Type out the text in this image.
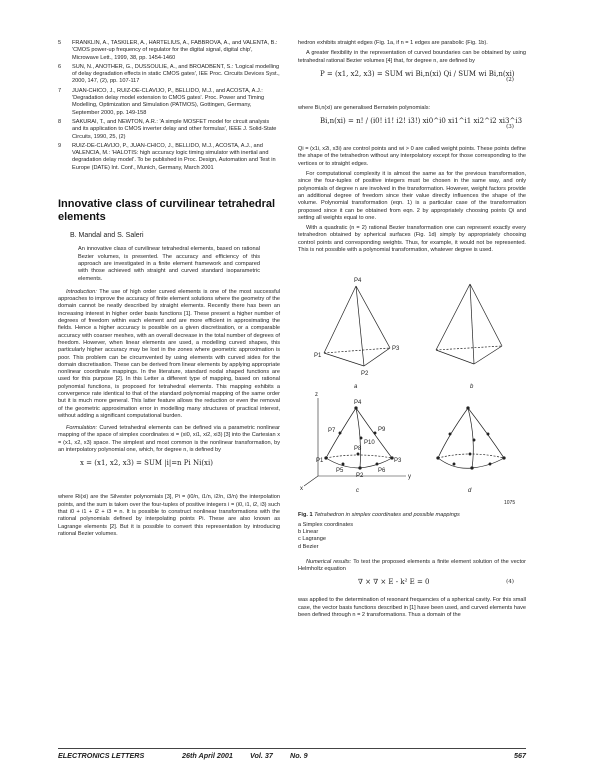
5 FRANKLIN, A., TASKILER, A., HARTELIUS, A., FABBROVA, A., and VALENTA, B.: 'CMOS power-up frequency of regulator for the digital signal, digital chip', Microwave Lett., 1999, 38, pp. 1454-1460

6 SUN, N., ANOTHER, G., DUSSOULIE, A., and BROADBENT, S.: 'Logical modelling of delay degradation effects in static CMOS gates', IEE Proc. Circuits Devices Syst., 2000, 147, (2), pp. 107-117

7 JUAN-CHICO, J., RUIZ-DE-CLAVIJO, P., BELLIDO, M.J., and ACOSTA, A.J.: 'Degradation delay model extension to CMOS gates'. Proc. Power and Timing Modelling, Optimization and Simulation (PATMOS), Gottingen, Germany, September 2000, pp. 149-158

8 SAKURAI, T., and NEWTON, A.R.: 'A simple MOSFET model for circuit analysis and its application to CMOS inverter delay and other formulas', IEEE J. Solid-State Circuits, 1990, 25, (2)

9 RUIZ-DE-CLAVIJO, P., JUAN-CHICO, J., BELLIDO, M.J., ACOSTA, A.J., and VALENCIA, M.: 'HALOTIS: high accuracy logic timing simulator with inertial and degradation delay model'. To be published in Proc. Design, Automation and Test in Europe (DATE) Int. Conf., Munich, Germany, March 2001

Innovative class of curvilinear tetrahedral elements
B. Mandal and S. Saleri

An innovative class of curvilinear tetrahedral elements, based on rational Bezier volumes, is presented. The accuracy and efficiency of this approach are investigated in a finite element framework and compared with those achieved with straight and curved standard isoparametric elements.

Introduction: The use of high order curved elements is one of the most successful approaches to improve the accuracy of finite element solutions where the geometry of the domain cannot be neatly described by straight elements. Recently there has been an increasing interest in higher order basis functions [1]. These present a higher number of degrees of freedom within each element and are more efficient in approximating the fields. Hence a higher accuracy is possible on a given discretisation, or a comparable accuracy with coarser meshes, with an overall decrease in the total number of degrees of freedom. However, when linear elements are used, a modelling curved shapes, this particularly higher accuracy may be lost in the zones where geometric approximation is poor. This problem can be circumvented by using elements with curved sides for the domain discretisation. These can be derived from linear elements by applying appropriate nonlinear coordinate mappings. In the literature, standard nodal shaped functions are used for this purpose [2]. In this Letter a different type of mapping, based on rational polynomial functions, is proposed for tetrahedral elements. This mapping exhibits a convergence rate identical to that of the standard polynomial mapping of the same order but it is much more general. This latter feature allows the reduction or even the removal of the geometric approximation error in modelling many structures of practical interest, without adding a significant computational burden.

Formulation: Curved tetrahedral elements can be defined via a parametric nonlinear mapping of the space of simplex coordinates xi = (xi0, xi1, xi2, xi3) [3] into the Cartesian x = (x1, x2, x3) space. The simplest and most common is the nonlinear transformation, by an interpolatory polynomial one, which, for degree n, is defined by

x = (x1, x2, x3) = SUM |i|=n Pi Ni(xi)

where Ri(xi) are the Silvester polynomials [3], Pi = (i0/n, i1/n, i2/n, i3/n) the interpolation points, and the sum is taken over the four-tuples of positive integers i = (i0, i1, i2, i3) such that i0 + i1 + i2 + i3 = n. It is possible to construct nonlinear transformations with the rational polynomials defined by interpolating points Pi. These are also known as Lagrange elements [2]. But it is possible to convert this representation by introducing rational Bezier volumes.

hedron exhibits straight edges (Fig. 1a, if n = 1 edges are parabolic (Fig. 1b).

A greater flexibility in the representation of curved boundaries can be obtained by using tetrahedral rational Bezier volumes [4] that, for degree n, are defined by

P = (x1, x2, x3) = SUM wi Bi,n(xi) Qi / SUM wi Bi,n(xi)
(2)

where Bi,n(xi) are generalised Bernstein polynomials:

Bi,n(xi) = n! / (i0! i1! i2! i3!) xi0^i0 xi1^i1 xi2^i2 xi3^i3
(3)

Qi = (x1i, x2i, x3i) are control points and wi > 0 are called weight points. These points define the shape of the tetrahedron without any interpolatory except for those corresponding to the vertices or to straight edges.

For computational complexity it is almost the same as for the previous transformation, since the four-tuples of positive integers must be chosen in the same way, and only polynomials of degree n are involved in the transformation. However, weight factors provide an additional degree of freedom since their value directly influences the shape of the volume. Polynomial transformation (eqn. 1) is a particular case of the transformation proposed since it can be obtained from eqn. 2 by appropriately choosing points Qi and setting all weights equal to one.

With a quadratic (n = 2) rational Bezier transformation one can represent exactly every tetrahedron obtained by spherical surfaces (Fig. 1d) simply by appropriately choosing control points and corresponding weights. Thus, for example, it would not be represented. This is not possible with a polynomial transformation, whatever degree is used.

P4
P1
P3
P2
a	b
x
y
z
P4
P7	P9
P10
P1	P3
P2
P5	P6
P8
c	d
1075

Fig. 1 Tetrahedron in simplex coordinates and possible mappings

a Simplex coordinates
b Linear
c Lagrange
d Bezier

Numerical results: To test the proposed elements a finite element solution of the vector Helmholtz equation

∇ × ∇ × E - k² E = 0	(4)

was applied to the determination of resonant frequencies of a spherical cavity. For this small case, the vector basis functions described in [1] have been used, and curved elements have been defined through n = 2 transformations. Thus a domain of the

ELECTRONICS LETTERS	26th April 2001 Vol. 37 No. 9	567
